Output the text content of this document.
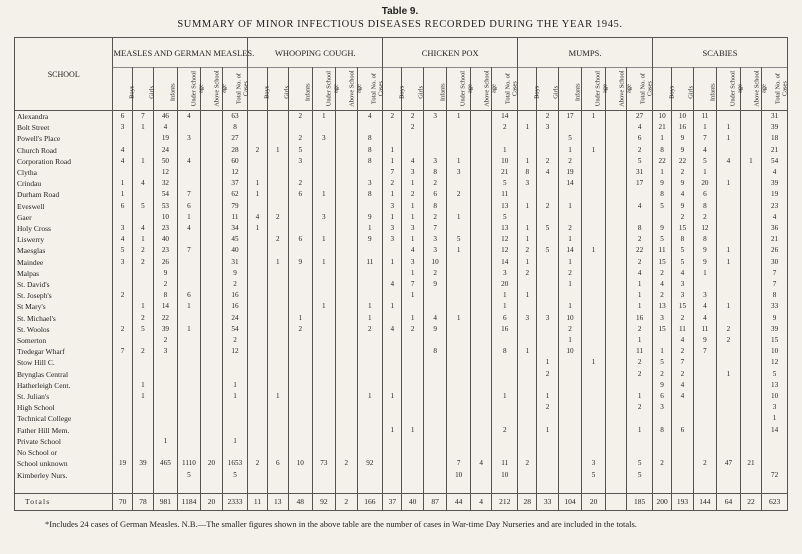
Table 9.
SUMMARY OF MINOR INFECTIOUS DISEASES RECORDED DURING THE YEAR 1945.
SCHOOL	MEASLES AND GERMAN MEASLES.						WHOOPING COUGH.						CHICKEN POX						MUMPS.						SCABIES					
	Boys	Girls	Infants	Under School age	Above School age	Total No. of Cases	Boys	Girls	Infants	Under School age	Above School age	Total No. of Cases	Boys	Girls	Infants	Under School age	Above School age	Total No. of Cases	Boys	Girls	Infants	Under School age	Above School age	Total No. of Cases	Boys	Girls	Infants	Under School age	Above School age	Total No. of Cases
Alexandra	6	7	46	4		63			2	1		4	2	2	3	1		14		2	17	1		27	10	10	11			31
Bolt Street	3	1	4			8								2				2	1	3				4	21	16	1	1		39
Powell's Place			19	3		27			2	3		8									5			6	1	9	7	1		18
Church Road	4		24			28	2	1	5			8	1					1			1	1		2	8	9	4			21
Corporation Road	4	1	50	4		60			3			8	1	4	3	1		10	1	2	2			5	22	22	5	4	1	54
Clytha			12			12							7	3	8	3		21	8	4	19			31	1	2	1			4
Crindau	1	4	32			37	1		2			3	2	1	2			5	3		14			17	9	9	20	1		39
Durham Road	1		54	7		62	1		6	1		8	1	2	6	2		11							8	4	6			19
Eveswell	6	5	53	6		79							3	1	8			13	1	2	1			4	5	9	8			23
Gaer			10	1		11	4	2		3		9	1	1	2	1		5								2	2			4
Holy Cross	3	4	23	4		34	1					1	3	3	7			13	1	5	2			8	9	15	12			36
Liswerry	4	1	40			45		2	6	1		9	3	1	3	5		12	1		1			2	5	8	8			21
Maesglas	5	2	23	7		40								4	3	1		12	2	5	14	1		22	11	5	9	1		26
Maindee	3	2	26			31		1	9	1		11	1	3	10			14	1		1			2	15	5	9	1		30
Malpas			9			9								1	2			3	2		2			4	2	4	1			7
St. David's			2			2							4	7	9			20			1			1	4	3				7
St. Joseph's	2		8	6		16								1				1	1					1	2	3	3			8
St Mary's		1	14	1		16				1		1	1					1			1			1	13	15	4	1		33
St. Michael's		2	22			24			1			1		1	4	1		6	3	3	10			16	3	2	4			9
St. Woolos	2	5	39	1		54			2			2	4	2	9			16			2			2	15	11	11	2		39
Somerton			2			2															1			1		4	9	2		15
Tredegar Wharf	7	2	3			12									8			8	1		10			11	1	2	7			10
Stow Hill C.																				1		1		2	5	7				12
Brynglas Central																				2				2	2	2		1		5
Hatherleigh Cent.		1				1																			9	4				13
St. Julian's		1				1		1				1	1					1		1				1	6	4				10
High School																				2				2	3					3
Technical College																														1
Father Hill Mem.													1	1				2		1				1	8	6				14
Private School			1			1																								
No School or																														
School unknown	19	39	465	1110	20	1653	2	6	10	73	2	92				7	4	11	2			3		5	2		2	47	21	
Kimberley Nurs.				5		5										10		10				5		5						72

Totals	70	78	981	1184	20	2333	11	13	48	92	2	166	37	40	87	44	4	212	28	33	104	20		185	200	193	144	64	22	623
*Includes 24 cases of German Measles. N.B.—The smaller figures shown in the above table are the number of cases in War-time Day Nurseries and are included in the totals.
